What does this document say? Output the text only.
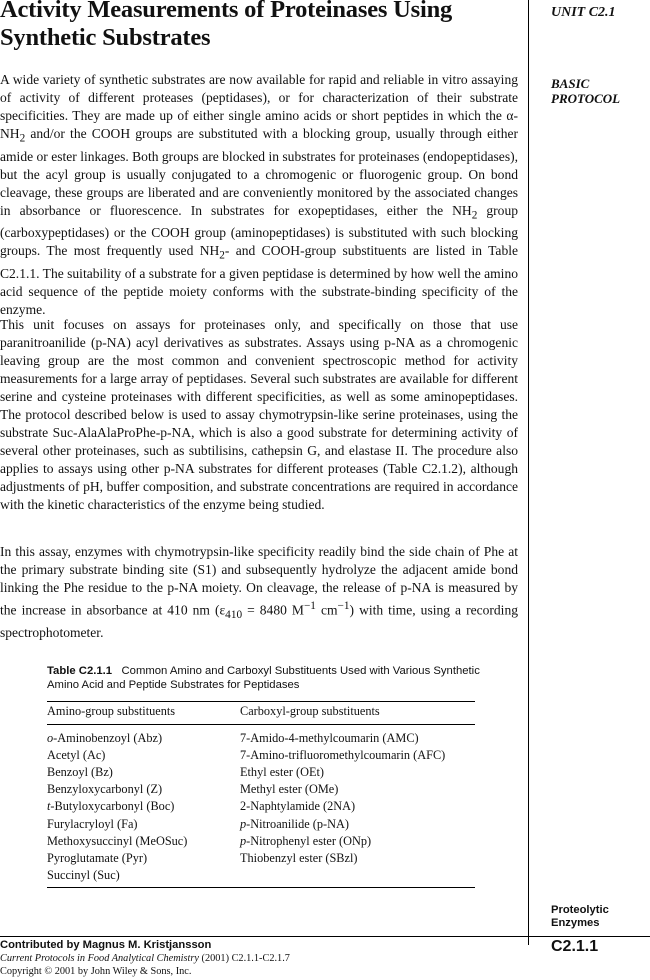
Activity Measurements of Proteinases Using Synthetic Substrates
UNIT C2.1
BASIC
PROTOCOL

A wide variety of synthetic substrates are now available for rapid and reliable in vitro assaying of activity of different proteases (peptidases), or for characterization of their substrate specificities. They are made up of either single amino acids or short peptides in which the $\alpha-NH_2$ and/or the COOH groups are substituted with a blocking group, usually through either amide or ester linkages. Both groups are blocked in substrates for proteinases (endopeptidases), but the acyl group is usually conjugated to a chromogenic or fluorogenic group. On bond cleavage, these groups are liberated and are conveniently monitored by the associated changes in absorbance or fluorescence. In substrates for exopeptidases, either the $NH_2$ group (carboxypeptidases) or the COOH group (aminopeptidases) is substituted with such blocking groups. The most frequently used $NH_2-$ and COOH-group substituents are listed in Table C2.1.1. The suitability of a substrate for a given peptidase is determined by how well the amino acid sequence of the peptide moiety conforms with the substrate-binding specificity of the enzyme.

This unit focuses on assays for proteinases only, and specifically on those that use paranitroanilide (p-NA) acyl derivatives as substrates. Assays using p-NA as a chromogenic leaving group are the most common and convenient spectroscopic method for activity measurements for a large array of peptidases. Several such substrates are available for different serine and cysteine proteinases with different specificities, as well as some aminopeptidases. The protocol described below is used to assay chymotrypsin-like serine proteinases, using the substrate Suc-AlaAlaProPhe-p-NA, which is also a good substrate for determining activity of several other proteinases, such as subtilisins, cathepsin G, and elastase II. The procedure also applies to assays using other p-NA substrates for different proteases (Table C2.1.2), although adjustments of pH, buffer composition, and substrate concentrations are required in accordance with the kinetic characteristics of the enzyme being studied.

In this assay, enzymes with chymotrypsin-like specificity readily bind the side chain of Phe at the primary substrate binding site (S1) and subsequently hydrolyze the adjacent amide bond linking the Phe residue to the p-NA moiety. On cleavage, the release of p-NA is measured by the increase in absorbance at 410 nm ($\varepsilon_{410} = 8480$ $M^{-1}$ $cm^{-1}$) with time, using a recording spectrophotometer.

Table C2.1.1 Common Amino and Carboxyl Substituents Used with Various Synthetic Amino Acid and Peptide Substrates for Peptidases
Amino-group substituents	Carboxyl-group substituents
o-Aminobenzoyl (Abz)	7-Amido-4-methylcoumarin (AMC)
Acetyl (Ac)	7-Amino-trifluoromethylcoumarin (AFC)
Benzoyl (Bz)	Ethyl ester (OEt)
Benzyloxycarbonyl (Z)	Methyl ester (OMe)
t-Butyloxycarbonyl (Boc)	2-Naphtylamide (2NA)
Furylacryloyl (Fa)	p-Nitroanilide (p-NA)
Methoxysuccinyl (MeOSuc)	p-Nitrophenyl ester (ONp)
Pyroglutamate (Pyr)	Thiobenzyl ester (SBzl)
Succinyl (Suc)	
Proteolytic
Enzymes
Contributed by Magnus M. Kristjansson
Current Protocols in Food Analytical Chemistry (2001) C2.1.1-C2.1.7
Copyright © 2001 by John Wiley & Sons, Inc.
C2.1.1
